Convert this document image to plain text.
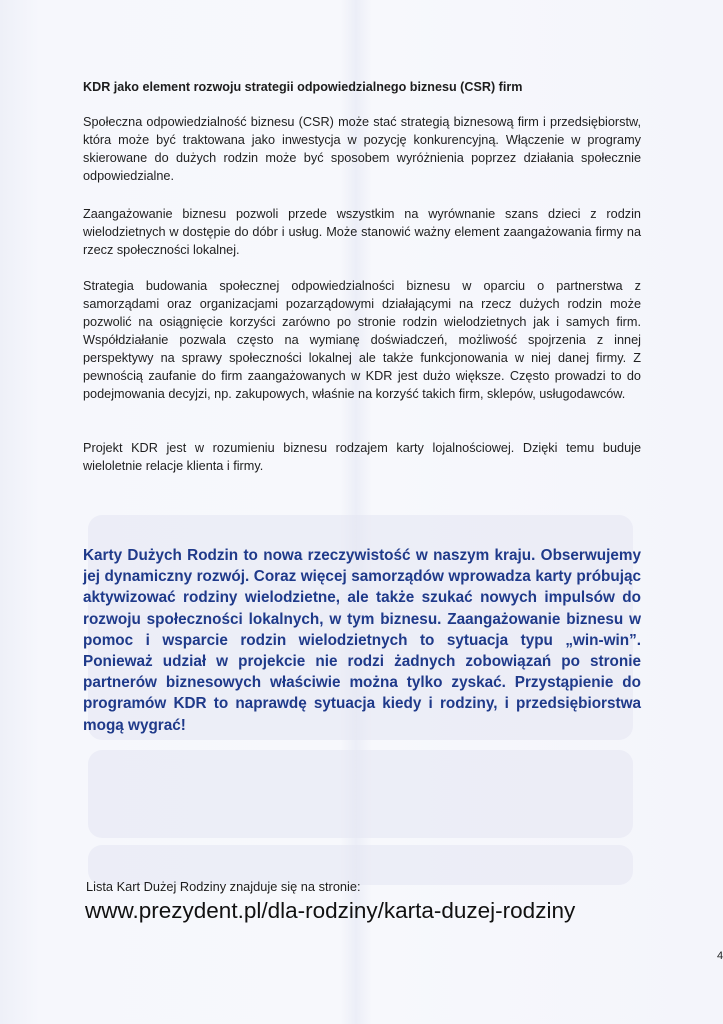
KDR jako element rozwoju strategii odpowiedzialnego biznesu (CSR) firm

Społeczna odpowiedzialność biznesu (CSR) może stać strategią biznesową firm i przedsiębiorstw, która może być traktowana jako inwestycja w pozycję konkurencyjną. Włączenie w programy skierowane do dużych rodzin może być sposobem wyróżnienia poprzez działania społecznie odpowiedzialne.

Zaangażowanie biznesu pozwoli przede wszystkim na wyrównanie szans dzieci z rodzin wielodzietnych w dostępie do dóbr i usług. Może stanowić ważny element zaangażowania firmy na rzecz społeczności lokalnej.

Strategia budowania społecznej odpowiedzialności biznesu w oparciu o partnerstwa z samorządami oraz organizacjami pozarządowymi działającymi na rzecz dużych rodzin może pozwolić na osiągnięcie korzyści zarówno po stronie rodzin wielodzietnych jak i samych firm. Współdziałanie pozwala często na wymianę doświadczeń, możliwość spojrzenia z innej perspektywy na sprawy społeczności lokalnej ale także funkcjonowania w niej danej firmy. Z pewnością zaufanie do firm zaangażowanych w KDR jest dużo większe. Często prowadzi to do podejmowania decyjzi, np. zakupowych, właśnie na korzyść takich firm, sklepów, usługodawców.

Projekt KDR jest w rozumieniu biznesu rodzajem karty lojalnościowej. Dzięki temu buduje wieloletnie relacje klienta i firmy.

Karty Dużych Rodzin to nowa rzeczywistość w naszym kraju. Obserwujemy jej dynamiczny rozwój. Coraz więcej samorządów wprowadza karty próbując aktywizować rodziny wielodzietne, ale także szukać nowych impulsów do rozwoju społeczności lokalnych, w tym biznesu. Zaangażowanie biznesu w pomoc i wsparcie rodzin wielodzietnych to sytuacja typu „win-win”. Ponieważ udział w projekcie nie rodzi żadnych zobowiązań po stronie partnerów biznesowych właściwie można tylko zyskać. Przystąpienie do programów KDR to naprawdę sytuacja kiedy i rodziny, i przedsiębiorstwa mogą wygrać!

Lista Kart Dużej Rodziny znajduje się na stronie:
www.prezydent.pl/dla-rodziny/karta-duzej-rodziny
4
